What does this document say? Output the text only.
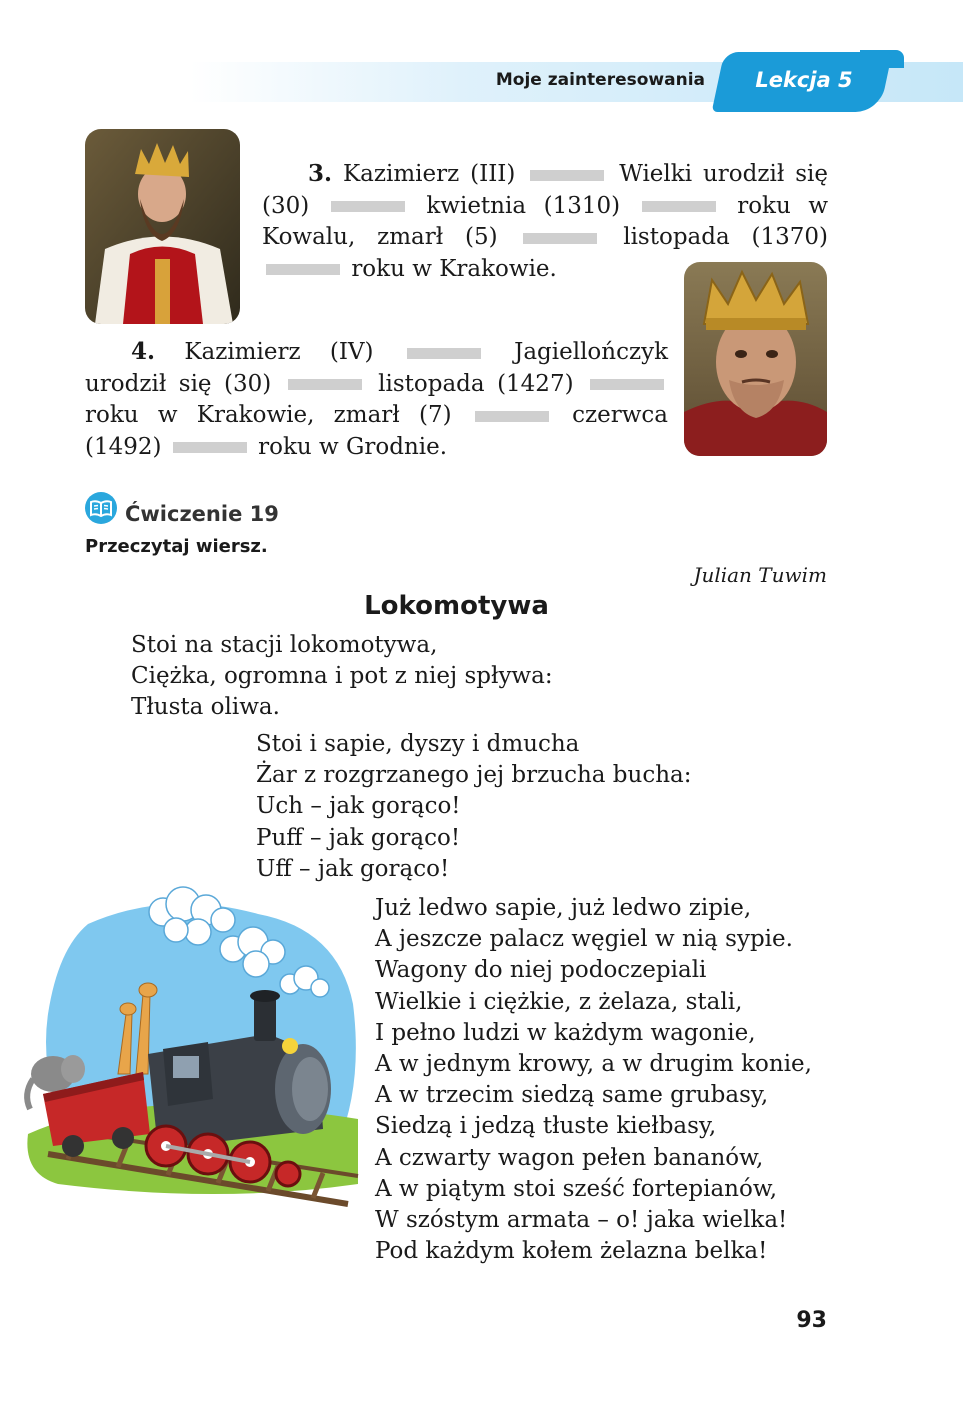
Moje zainteresowania	Lekcja 5

3. Kazimierz (III)	Wielki urodził się (30)	kwietnia (1310)	roku w Kowalu, zmarł (5)	listopada (1370)  roku w Krakowie.

4. Kazimierz (IV)	Jagiellończyk urodził się (30)	listopada (1427)  roku w Krakowie, zmarł (7)	czerwca (1492)	roku w Grodnie.

Ćwiczenie 19
Przeczytaj wiersz.
Julian Tuwim
Lokomotywa
Stoi na stacji lokomotywa,
Ciężka, ogromna i pot z niej spływa:
Tłusta oliwa.
Stoi i sapie, dyszy i dmucha
Żar z rozgrzanego jej brzucha bucha:
Uch – jak gorąco!
Puff – jak gorąco!
Uff – jak gorąco!
Już ledwo sapie, już ledwo zipie,
A jeszcze palacz węgiel w nią sypie.
Wagony do niej podoczepiali
Wielkie i ciężkie, z żelaza, stali,
I pełno ludzi w każdym wagonie,
A w jednym krowy, a w drugim konie,
A w trzecim siedzą same grubasy,
Siedzą i jedzą tłuste kiełbasy,
A czwarty wagon pełen bananów,
A w piątym stoi sześć fortepianów,
W szóstym armata – o! jaka wielka!
Pod każdym kołem żelazna belka!
93
